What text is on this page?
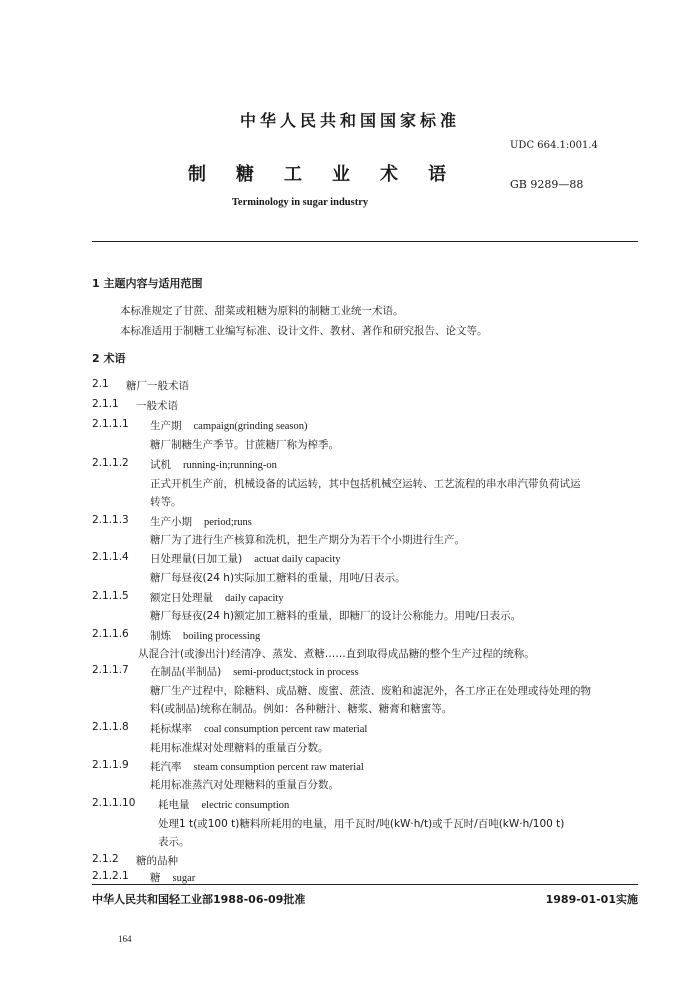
中华人民共和国国家标准
制糖工业术语
UDC 664.1:001.4
GB 9289—88
Terminology in sugar industry
1 主题内容与适用范围
本标准规定了甘蔗、甜菜或粗糖为原料的制糖工业统一术语。
本标准适用于制糖工业编写标准、设计文件、教材、著作和研究报告、论文等。
2 术语
2.1 糖厂一般术语
2.1.1 一般术语
2.1.1.1 生产期 campaign(grinding season)
糖厂制糖生产季节。甘蔗糖厂称为榨季。
2.1.1.2 试机 running-in;running-on
正式开机生产前，机械设备的试运转，其中包括机械空运转、工艺流程的串水串汽带负荷试运
转等。
2.1.1.3 生产小期 period;runs
糖厂为了进行生产核算和洗机，把生产期分为若干个小期进行生产。
2.1.1.4 日处理量(日加工量) actuat daily capacity
糖厂每昼夜(24 h)实际加工糖料的重量，用吨/日表示。
2.1.1.5 额定日处理量 daily capacity
糖厂每昼夜(24 h)额定加工糖料的重量，即糖厂的设计公称能力。用吨/日表示。
2.1.1.6 制炼 boiling processing
从混合汁(或渗出汁)经清净、蒸发、煮糖……直到取得成品糖的整个生产过程的统称。
2.1.1.7 在制品(半制品) semi-product;stock in process
糖厂生产过程中，除糖料、成品糖、废蜜、蔗渣、废粕和滤泥外，各工序正在处理或待处理的物
料(或制品)统称在制品。例如：各种糖汁、糖浆、糖膏和糖蜜等。
2.1.1.8 耗标煤率 coal consumption percent raw material
耗用标准煤对处理糖料的重量百分数。
2.1.1.9 耗汽率 steam consumption percent raw material
耗用标准蒸汽对处理糖料的重量百分数。
2.1.1.10 耗电量 electric consumption
处理1 t(或100 t)糖料所耗用的电量，用千瓦时/吨(kW·h/t)或千瓦时/百吨(kW·h/100 t)
表示。
2.1.2 糖的品种
2.1.2.1 糖 sugar
中华人民共和国轻工业部1988-06-09批准	1989-01-01实施
164
